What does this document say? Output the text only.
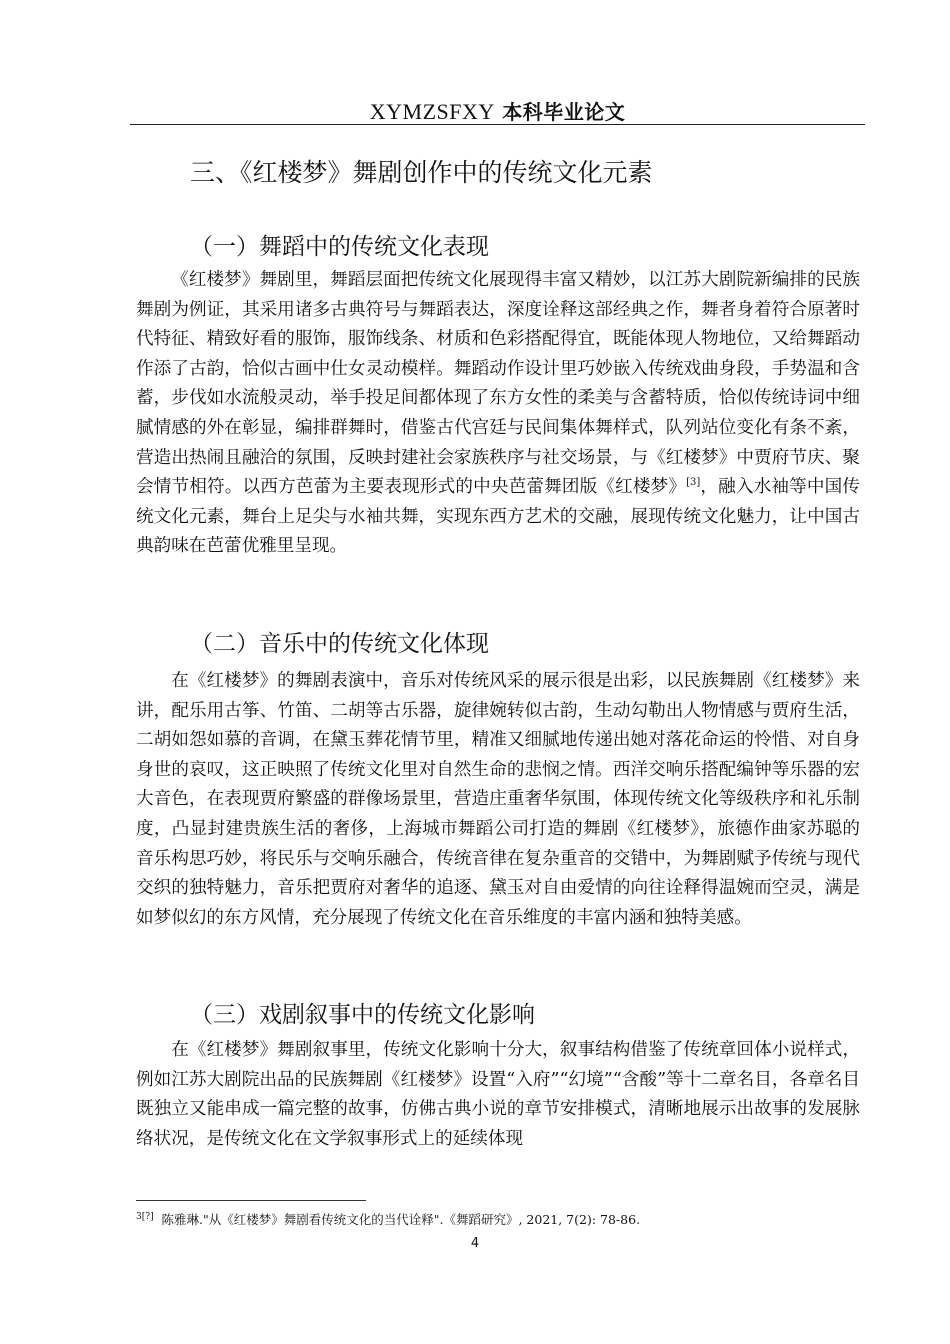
XYMZSFXY 本科毕业论文
三、《红楼梦》舞剧创作中的传统文化元素
（一）舞蹈中的传统文化表现

《红楼梦》舞剧里，舞蹈层面把传统文化展现得丰富又精妙，以江苏大剧院新编排的民族舞剧为例证，其采用诸多古典符号与舞蹈表达，深度诠释这部经典之作，舞者身着符合原著时代特征、精致好看的服饰，服饰线条、材质和色彩搭配得宜，既能体现人物地位，又给舞蹈动作添了古韵，恰似古画中仕女灵动模样。舞蹈动作设计里巧妙嵌入传统戏曲身段，手势温和含蓄，步伐如水流般灵动，举手投足间都体现了东方女性的柔美与含蓄特质，恰似传统诗词中细腻情感的外在彰显，编排群舞时，借鉴古代宫廷与民间集体舞样式，队列站位变化有条不紊，营造出热闹且融洽的氛围，反映封建社会家族秩序与社交场景，与《红楼梦》中贾府节庆、聚会情节相符。以西方芭蕾为主要表现形式的中央芭蕾舞团版《红楼梦》[3]，融入水袖等中国传统文化元素，舞台上足尖与水袖共舞，实现东西方艺术的交融，展现传统文化魅力，让中国古典韵味在芭蕾优雅里呈现。

（二）音乐中的传统文化体现

在《红楼梦》的舞剧表演中，音乐对传统风采的展示很是出彩，以民族舞剧《红楼梦》来讲，配乐用古筝、竹笛、二胡等古乐器，旋律婉转似古韵，生动勾勒出人物情感与贾府生活，二胡如怨如慕的音调，在黛玉葬花情节里，精准又细腻地传递出她对落花命运的怜惜、对自身身世的哀叹，这正映照了传统文化里对自然生命的悲悯之情。西洋交响乐搭配编钟等乐器的宏大音色，在表现贾府繁盛的群像场景里，营造庄重奢华氛围，体现传统文化等级秩序和礼乐制度，凸显封建贵族生活的奢侈，上海城市舞蹈公司打造的舞剧《红楼梦》，旅德作曲家苏聪的音乐构思巧妙，将民乐与交响乐融合，传统音律在复杂重音的交错中，为舞剧赋予传统与现代交织的独特魅力，音乐把贾府对奢华的追逐、黛玉对自由爱情的向往诠释得温婉而空灵，满是如梦似幻的东方风情，充分展现了传统文化在音乐维度的丰富内涵和独特美感。

（三）戏剧叙事中的传统文化影响

在《红楼梦》舞剧叙事里，传统文化影响十分大，叙事结构借鉴了传统章回体小说样式，例如江苏大剧院出品的民族舞剧《红楼梦》设置“入府”“幻境”“含酸”等十二章名目，各章名目既独立又能串成一篇完整的故事，仿佛古典小说的章节安排模式，清晰地展示出故事的发展脉络状况，是传统文化在文学叙事形式上的延续体现

$^{3[?]}$ 陈雅琳."从《红楼梦》舞剧看传统文化的当代诠释".《舞蹈研究》, 2021, 7(2): 78-86.
4
